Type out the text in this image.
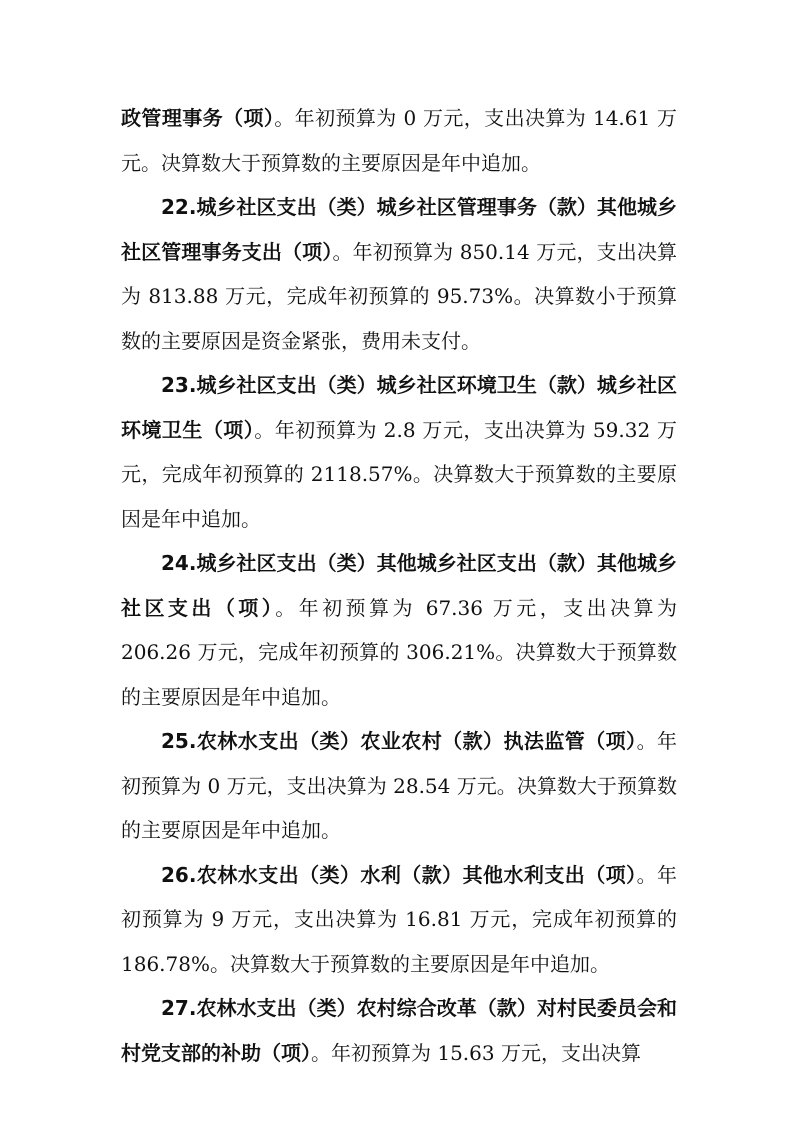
政管理事务（项）。年初预算为 0 万元，支出决算为 14.61 万元。决算数大于预算数的主要原因是年中追加。

22.城乡社区支出（类）城乡社区管理事务（款）其他城乡社区管理事务支出（项）。年初预算为 850.14 万元，支出决算为 813.88 万元，完成年初预算的 95.73%。决算数小于预算数的主要原因是资金紧张，费用未支付。

23.城乡社区支出（类）城乡社区环境卫生（款）城乡社区环境卫生（项）。年初预算为 2.8 万元，支出决算为 59.32 万元，完成年初预算的 2118.57%。决算数大于预算数的主要原因是年中追加。

24.城乡社区支出（类）其他城乡社区支出（款）其他城乡社区支出（项）。年初预算为 67.36 万元，支出决算为 206.26 万元，完成年初预算的 306.21%。决算数大于预算数的主要原因是年中追加。

25.农林水支出（类）农业农村（款）执法监管（项）。年初预算为 0 万元，支出决算为 28.54 万元。决算数大于预算数的主要原因是年中追加。

26.农林水支出（类）水利（款）其他水利支出（项）。年初预算为 9 万元，支出决算为 16.81 万元，完成年初预算的 186.78%。决算数大于预算数的主要原因是年中追加。

27.农林水支出（类）农村综合改革（款）对村民委员会和村党支部的补助（项）。年初预算为 15.63 万元，支出决算
